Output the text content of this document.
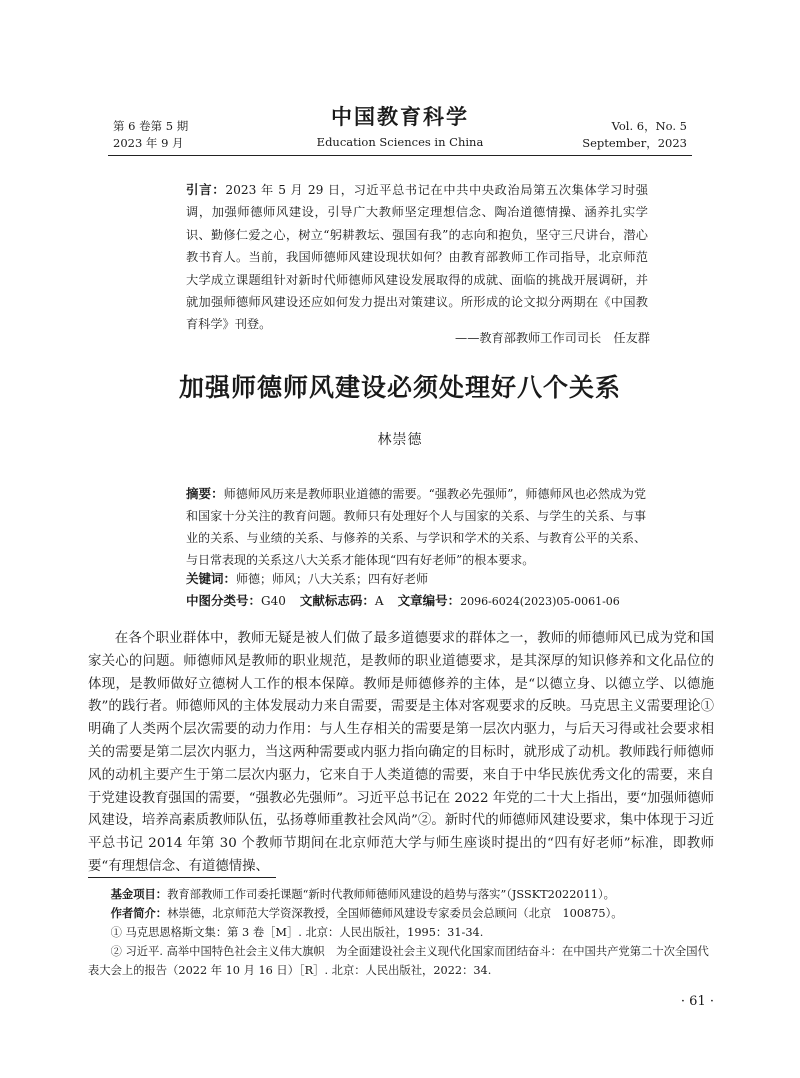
第 6 卷第 5 期
2023 年 9 月
中国教育科学
Education Sciences in China
Vol. 6，No. 5
September，2023
引言：2023 年 5 月 29 日，习近平总书记在中共中央政治局第五次集体学习时强调，加强师德师风建设，引导广大教师坚定理想信念、陶冶道德情操、涵养扎实学识、勤修仁爱之心，树立“躬耕教坛、强国有我”的志向和抱负，坚守三尺讲台，潜心教书育人。当前，我国师德师风建设现状如何？由教育部教师工作司指导，北京师范大学成立课题组针对新时代师德师风建设发展取得的成就、面临的挑战开展调研，并就加强师德师风建设还应如何发力提出对策建议。所形成的论文拟分两期在《中国教育科学》刊登。
——教育部教师工作司司长　任友群
加强师德师风建设必须处理好八个关系
林崇德
摘要：师德师风历来是教师职业道德的需要。“强教必先强师”，师德师风也必然成为党和国家十分关注的教育问题。教师只有处理好个人与国家的关系、与学生的关系、与事业的关系、与业绩的关系、与修养的关系、与学识和学术的关系、与教育公平的关系、与日常表现的关系这八大关系才能体现“四有好老师”的根本要求。
关键词：师德；师风；八大关系；四有好老师
中图分类号：G40 文献标志码：A 文章编号：2096-6024(2023)05-0061-06

在各个职业群体中，教师无疑是被人们做了最多道德要求的群体之一，教师的师德师风已成为党和国家关心的问题。师德师风是教师的职业规范，是教师的职业道德要求，是其深厚的知识修养和文化品位的体现，是教师做好立德树人工作的根本保障。教师是师德修养的主体，是“以德立身、以德立学、以德施教”的践行者。师德师风的主体发展动力来自需要，需要是主体对客观要求的反映。马克思主义需要理论①明确了人类两个层次需要的动力作用：与人生存相关的需要是第一层次内驱力，与后天习得或社会要求相关的需要是第二层次内驱力，当这两种需要或内驱力指向确定的目标时，就形成了动机。教师践行师德师风的动机主要产生于第二层次内驱力，它来自于人类道德的需要，来自于中华民族优秀文化的需要，来自于党建设教育强国的需要，“强教必先强师”。习近平总书记在 2022 年党的二十大上指出，要“加强师德师风建设，培养高素质教师队伍，弘扬尊师重教社会风尚”②。新时代的师德师风建设要求，集中体现于习近平总书记 2014 年第 30 个教师节期间在北京师范大学与师生座谈时提出的“四有好老师”标准，即教师要“有理想信念、有道德情操、

基金项目：教育部教师工作司委托课题“新时代教师师德师风建设的趋势与落实”（JSSKT2022011）。

作者简介：林崇德，北京师范大学资深教授，全国师德师风建设专家委员会总顾问（北京　100875）。

① 马克思恩格斯文集：第 3 卷［M］. 北京：人民出版社，1995：31-34.

② 习近平. 高举中国特色社会主义伟大旗帜　为全面建设社会主义现代化国家而团结奋斗：在中国共产党第二十次全国代表大会上的报告（2022 年 10 月 16 日）［R］. 北京：人民出版社，2022：34.

· 61 ·
